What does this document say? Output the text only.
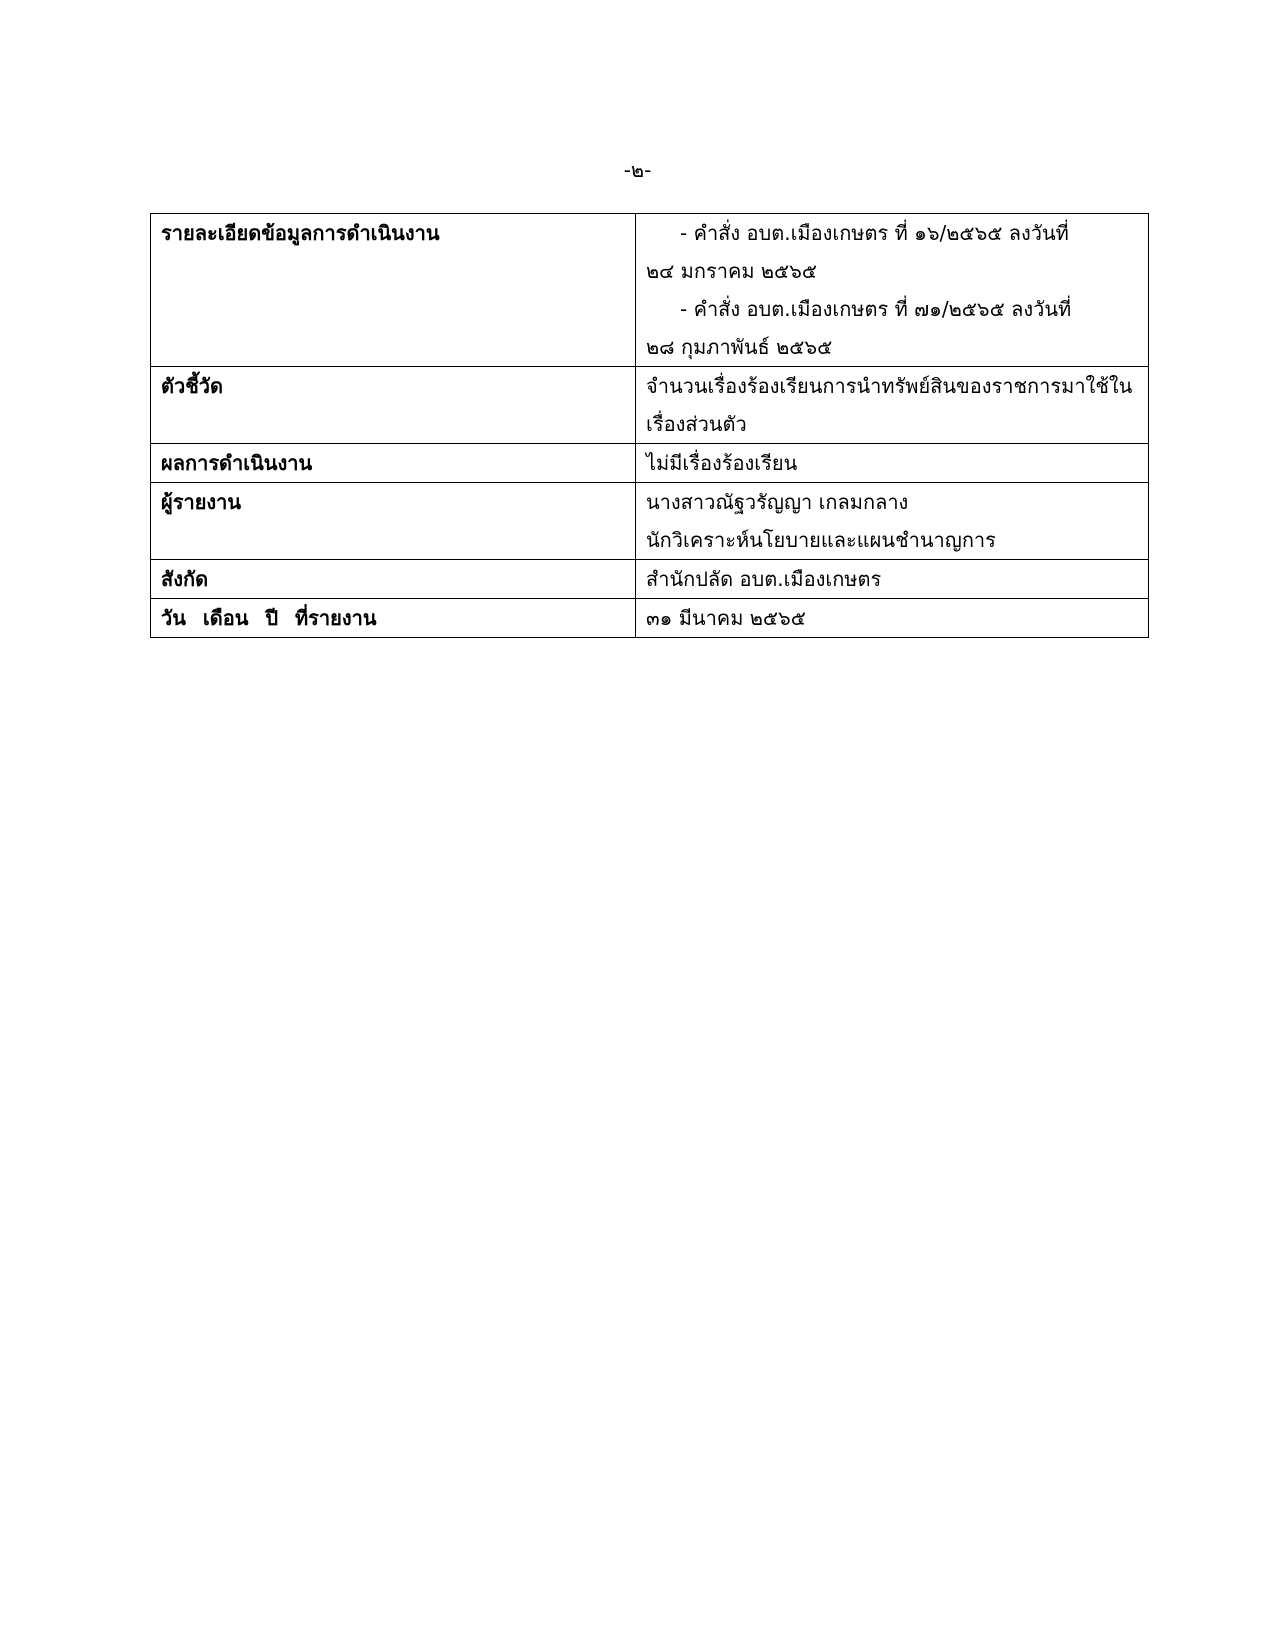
-๒-
รายละเอียดข้อมูลการดำเนินงาน	- คำสั่ง อบต.เมืองเกษตร ที่ ๑๖/๒๕๖๕ ลงวันที่
๒๔ มกราคม ๒๕๖๕
- คำสั่ง อบต.เมืองเกษตร ที่ ๗๑/๒๕๖๕ ลงวันที่
๒๘ กุมภาพันธ์ ๒๕๖๕

ตัวชี้วัด	จำนวนเรื่องร้องเรียนการนำทรัพย์สินของราชการมาใช้ใน
เรื่องส่วนตัว

ผลการดำเนินงาน	ไม่มีเรื่องร้องเรียน

ผู้รายงาน	นางสาวณัฐวรัญญา เกลมกลาง
นักวิเคราะห์นโยบายและแผนชำนาญการ

สังกัด	สำนักปลัด อบต.เมืองเกษตร

วัน เดือน ปี ที่รายงาน	๓๑ มีนาคม ๒๕๖๕
